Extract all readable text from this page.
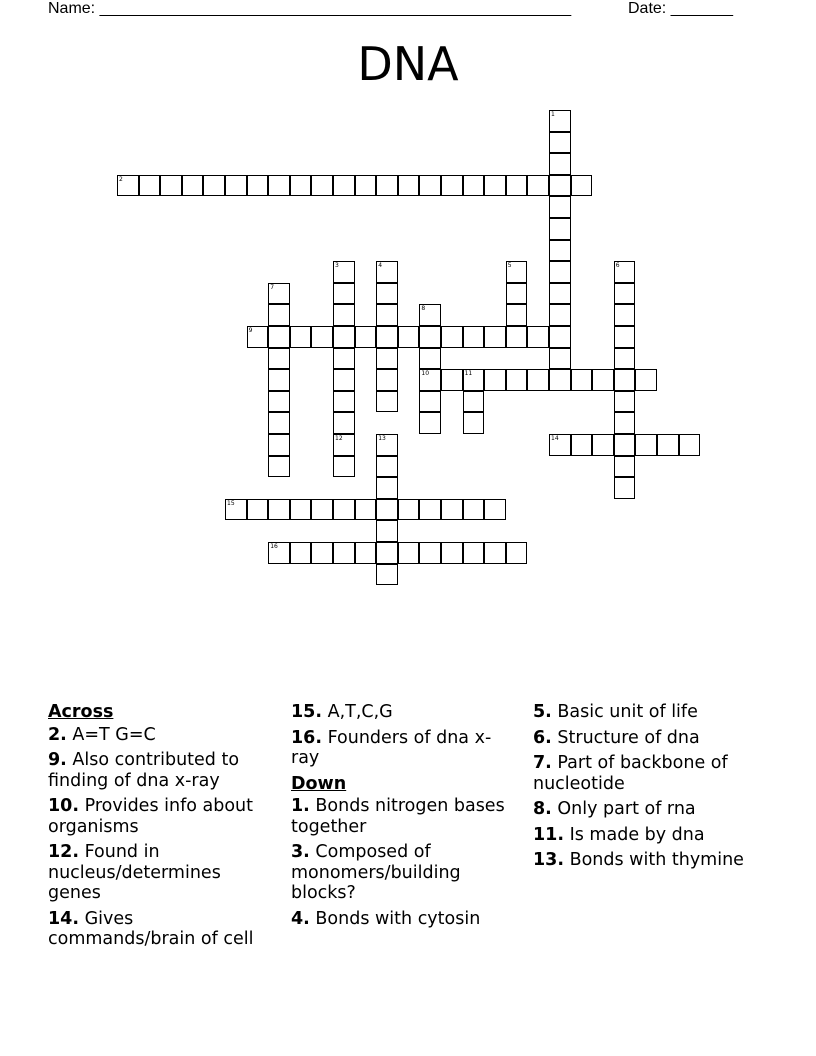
Name: _____________________________________________________	Date: _______
DNA
1
2
3	4	5	6
7
8
10
9
11
12	13	14
15
16
Across
2. A=T G=C
9. Also contributed to finding of dna x-ray
10. Provides info about organisms
12. Found in nucleus/determines genes
14. Gives commands/brain of cell
15. A,T,C,G
16. Founders of dna x-ray
Down
1. Bonds nitrogen bases together
3. Composed of monomers/building blocks?
4. Bonds with cytosin
5. Basic unit of life
6. Structure of dna
7. Part of backbone of nucleotide
8. Only part of rna
11. Is made by dna
13. Bonds with thymine
